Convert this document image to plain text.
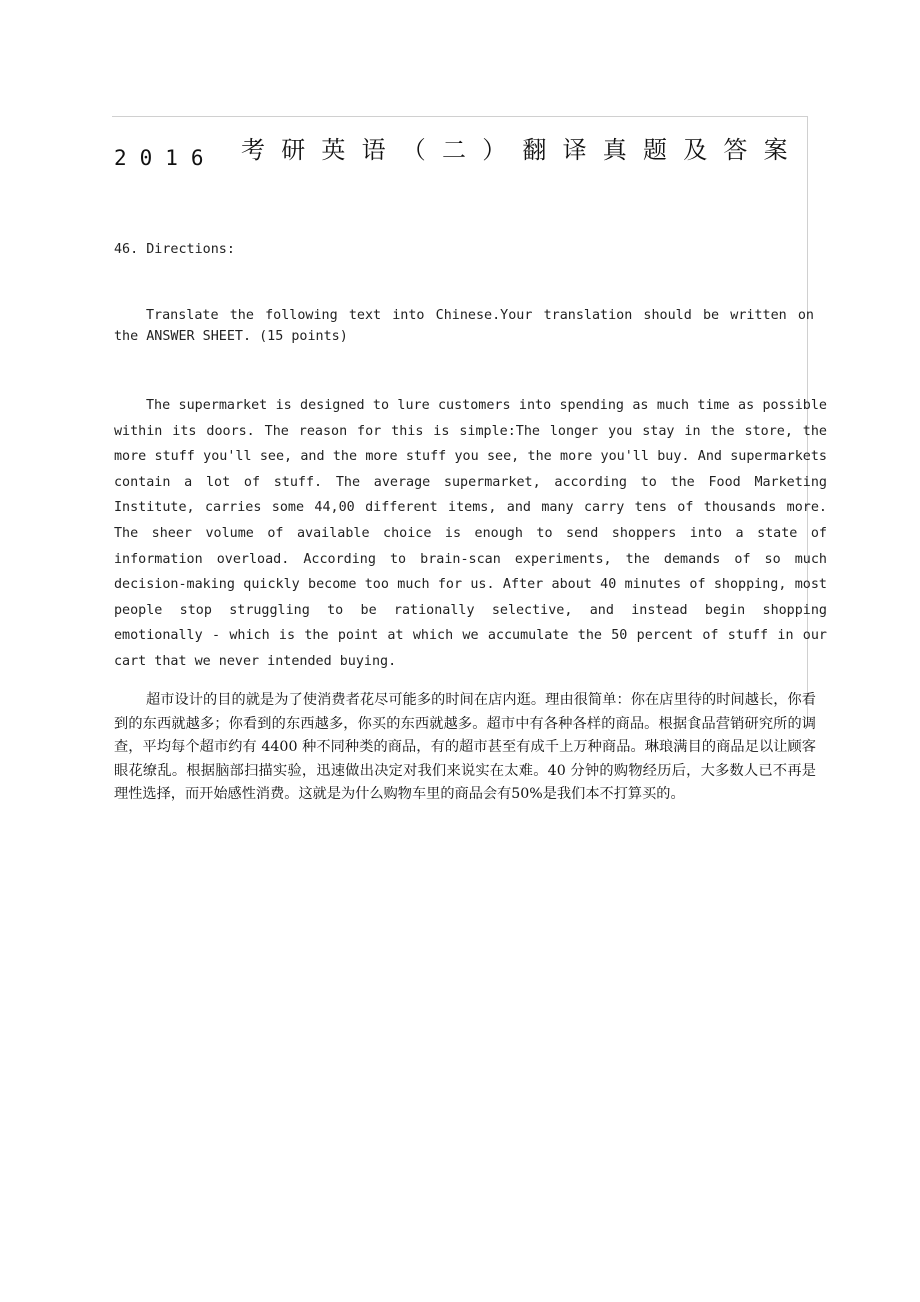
2016 考研英语（二）翻译真题及答案
46. Directions:
Translate the following text into Chinese.Your translation should be written on the ANSWER SHEET. (15 points)
The supermarket is designed to lure customers into spending as much time as possible within its doors. The reason for this is simple:The longer you stay in the store, the more stuff you'll see, and the more stuff you see, the more you'll buy. And supermarkets contain a lot of stuff. The average supermarket, according to the Food Marketing Institute, carries some 44,00 different items, and many carry tens of thousands more. The sheer volume of available choice is enough to send shoppers into a state of information overload. According to brain-scan experiments, the demands of so much decision-making quickly become too much for us. After about 40 minutes of shopping, most people stop struggling to be rationally selective, and instead begin shopping emotionally - which is the point at which we accumulate the 50 percent of stuff in our cart that we never intended buying.
超市设计的目的就是为了使消费者花尽可能多的时间在店内逛。理由很简单：你在店里待的时间越长，你看到的东西就越多；你看到的东西越多，你买的东西就越多。超市中有各种各样的商品。根据食品营销研究所的调查，平均每个超市约有 4400 种不同种类的商品，有的超市甚至有成千上万种商品。琳琅满目的商品足以让顾客眼花缭乱。根据脑部扫描实验，迅速做出决定对我们来说实在太难。40 分钟的购物经历后，大多数人已不再是理性选择，而开始感性消费。这就是为什么购物车里的商品会有50%是我们本不打算买的。
